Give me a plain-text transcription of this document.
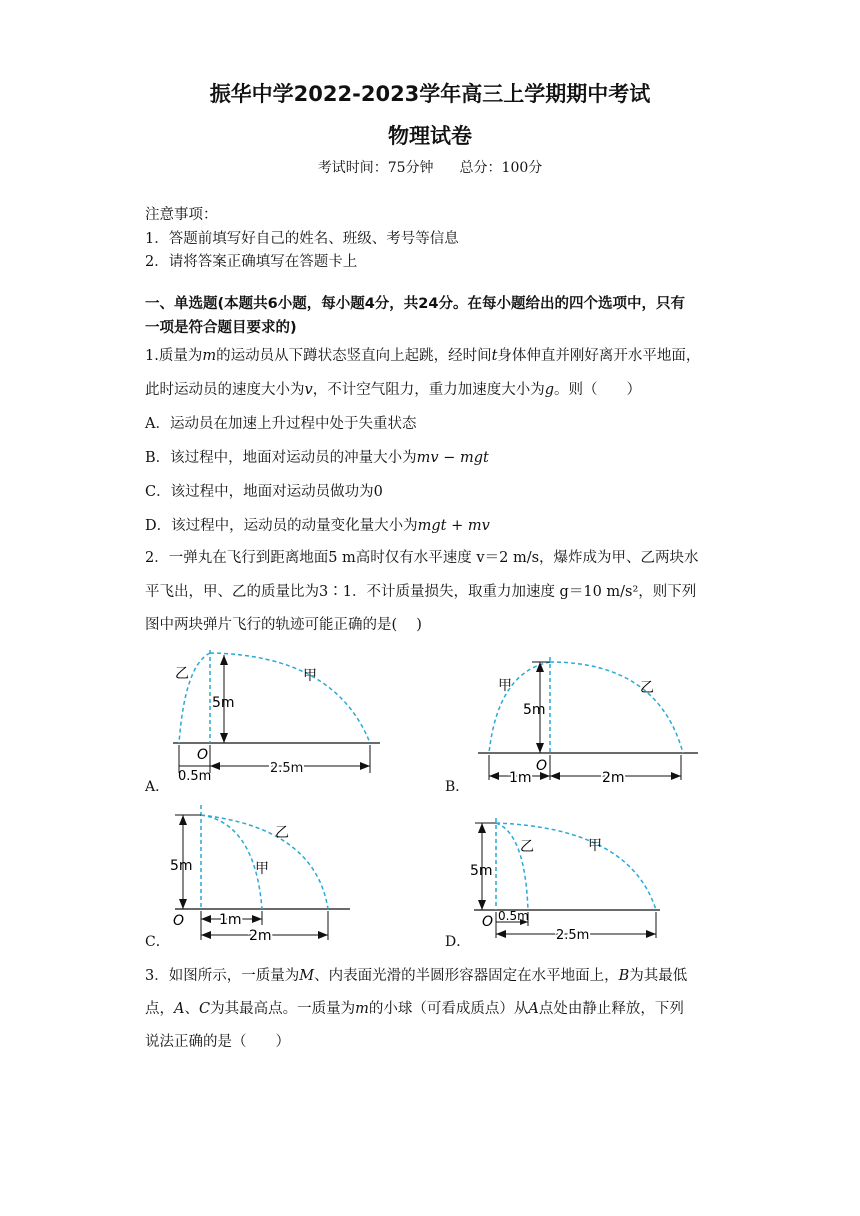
振华中学2022-2023学年高三上学期期中考试
物理试卷
考试时间：75分钟 总分：100分
注意事项：
1．答题前填写好自己的姓名、班级、考号等信息
2．请将答案正确填写在答题卡上
一、单选题(本题共6小题，每小题4分，共24分。在每小题给出的四个选项中，只有
一项是符合题目要求的)
1.质量为m的运动员从下蹲状态竖直向上起跳，经时间t身体伸直并刚好离开水平地面，
此时运动员的速度大小为v，不计空气阻力，重力加速度大小为g。则（　　）
A．运动员在加速上升过程中处于失重状态
B．该过程中，地面对运动员的冲量大小为mv − mgt
C．该过程中，地面对运动员做功为0
D．该过程中，运动员的动量变化量大小为mgt + mv
2．一弹丸在飞行到距离地面5 m高时仅有水平速度 v＝2 m/s，爆炸成为甲、乙两块水
平飞出，甲、乙的质量比为3∶1．不计质量损失，取重力加速度 g＝10 m/s²，则下列
图中两块弹片飞行的轨迹可能正确的是(　 )
乙	甲
5m
O
0.5m
2.5m
A．
甲	乙
5m
O
1m	2m
B．
乙
甲
5m
O 1m
2m
C．
乙	甲
5m
O 0.5m
2.5m
D．
3．如图所示，一质量为M、内表面光滑的半圆形容器固定在水平地面上，B为其最低
点，A、C为其最高点。一质量为m的小球（可看成质点）从A点处由静止释放，下列
说法正确的是（　　）
